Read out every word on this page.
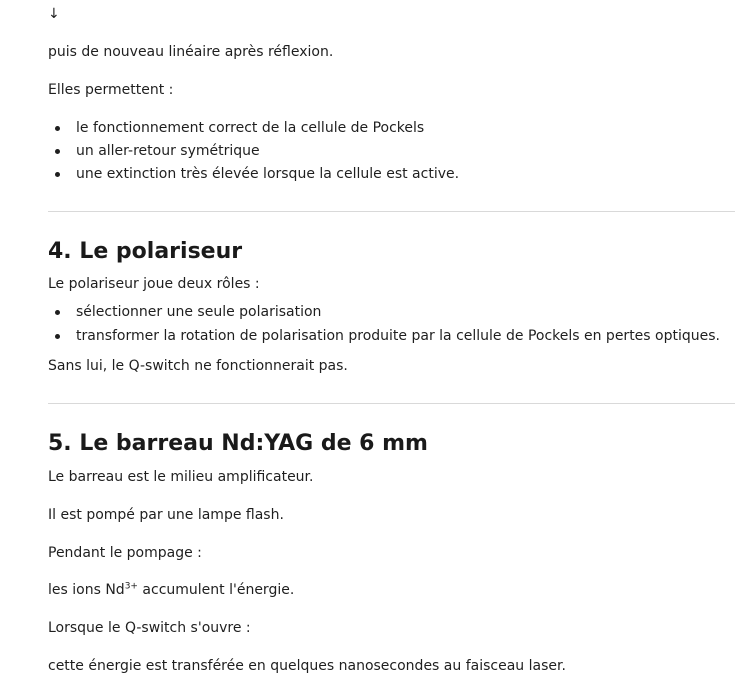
↓

puis de nouveau linéaire après réflexion.

Elles permettent :

le fonctionnement correct de la cellule de Pockels
un aller-retour symétrique
une extinction très élevée lorsque la cellule est active.
4. Le polariseur

Le polariseur joue deux rôles :

sélectionner une seule polarisation
transformer la rotation de polarisation produite par la cellule de Pockels en pertes optiques.

Sans lui, le Q-switch ne fonctionnerait pas.

5. Le barreau Nd:YAG de 6 mm

Le barreau est le milieu amplificateur.

Il est pompé par une lampe flash.

Pendant le pompage :

les ions $Nd^{3+}$ accumulent l'énergie.

Lorsque le Q-switch s'ouvre :

cette énergie est transférée en quelques nanosecondes au faisceau laser.
